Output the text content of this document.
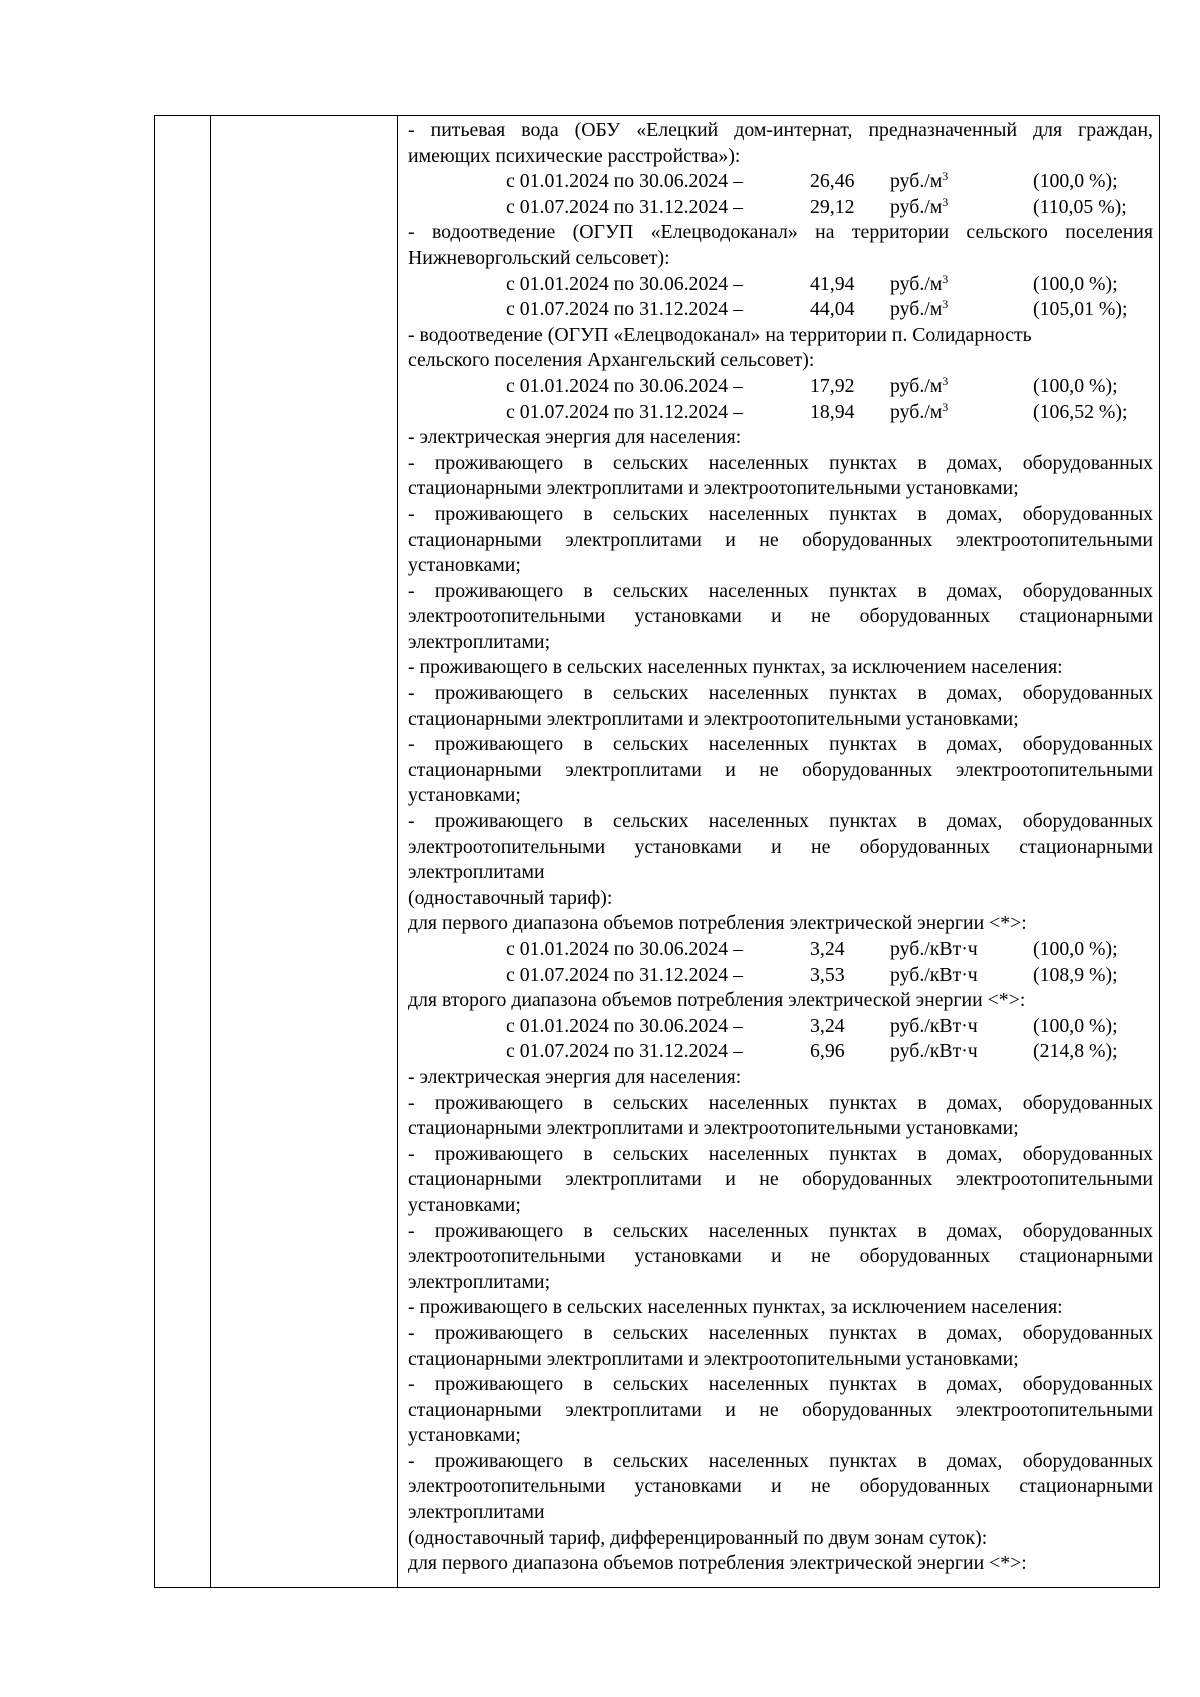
- питьевая вода (ОБУ «Елецкий дом-интернат, предназначенный для граждан,
имеющих психические расстройства»):
с 01.01.2024 по 30.06.2024 –	26,46	$руб./м^3$	(100,0 %);
с 01.07.2024 по 31.12.2024 –	29,12	$руб./м^3$	(110,05 %);
- водоотведение (ОГУП «Елецводоканал» на территории сельского поселения
Нижневоргольский сельсовет):
с 01.01.2024 по 30.06.2024 –	41,94	$руб./м^3$	(100,0 %);
с 01.07.2024 по 31.12.2024 –	44,04	$руб./м^3$	(105,01 %);
- водоотведение (ОГУП «Елецводоканал» на территории п. Солидарность
сельского поселения Архангельский сельсовет):
с 01.01.2024 по 30.06.2024 –	17,92	$руб./м^3$	(100,0 %);
с 01.07.2024 по 31.12.2024 –	18,94	$руб./м^3$	(106,52 %);
- электрическая энергия для населения:
- проживающего в сельских населенных пунктах в домах, оборудованных стационарными электроплитами и электроотопительными установками;
- проживающего в сельских населенных пунктах в домах, оборудованных стационарными электроплитами и не оборудованных электроотопительными установками;
- проживающего в сельских населенных пунктах в домах, оборудованных электроотопительными установками и не оборудованных стационарными электроплитами;
- проживающего в сельских населенных пунктах, за исключением населения:
- проживающего в сельских населенных пунктах в домах, оборудованных стационарными электроплитами и электроотопительными установками;
- проживающего в сельских населенных пунктах в домах, оборудованных стационарными электроплитами и не оборудованных электроотопительными установками;
- проживающего в сельских населенных пунктах в домах, оборудованных электроотопительными установками и не оборудованных стационарными электроплитами
(одноставочный тариф):
для первого диапазона объемов потребления электрической энергии <*>:
с 01.01.2024 по 30.06.2024 –	3,24	руб./кВт·ч	(100,0 %);
с 01.07.2024 по 31.12.2024 –	3,53	руб./кВт·ч	(108,9 %);
для второго диапазона объемов потребления электрической энергии <*>:
с 01.01.2024 по 30.06.2024 –	3,24	руб./кВт·ч	(100,0 %);
с 01.07.2024 по 31.12.2024 –	6,96	руб./кВт·ч	(214,8 %);
- электрическая энергия для населения:
- проживающего в сельских населенных пунктах в домах, оборудованных стационарными электроплитами и электроотопительными установками;
- проживающего в сельских населенных пунктах в домах, оборудованных стационарными электроплитами и не оборудованных электроотопительными установками;
- проживающего в сельских населенных пунктах в домах, оборудованных электроотопительными установками и не оборудованных стационарными электроплитами;
- проживающего в сельских населенных пунктах, за исключением населения:
- проживающего в сельских населенных пунктах в домах, оборудованных стационарными электроплитами и электроотопительными установками;
- проживающего в сельских населенных пунктах в домах, оборудованных стационарными электроплитами и не оборудованных электроотопительными установками;
- проживающего в сельских населенных пунктах в домах, оборудованных электроотопительными установками и не оборудованных стационарными электроплитами
(одноставочный тариф, дифференцированный по двум зонам суток):
для первого диапазона объемов потребления электрической энергии <*>:
